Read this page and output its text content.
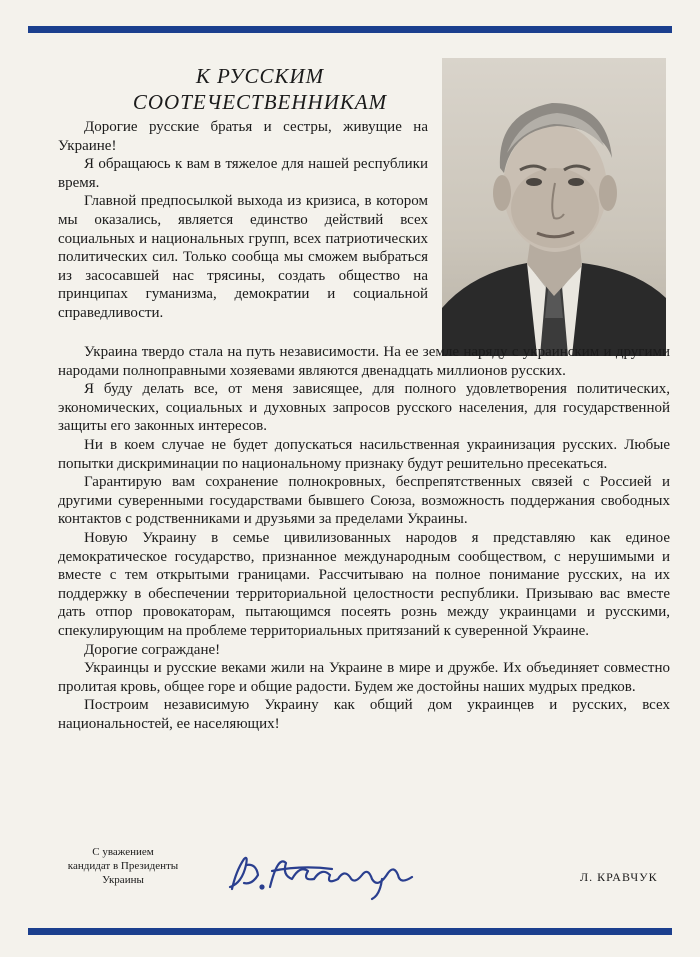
К РУССКИМ
СООТЕЧЕСТВЕННИКАМ

Дорогие русские братья и сестры, живущие на Украине!

Я обращаюсь к вам в тяжелое для нашей республики время.

Главной предпосылкой выхода из кризиса, в котором мы оказались, является единство действий всех социальных и национальных групп, всех патриотических политических сил. Только сообща мы сможем выбраться из засосавшей нас трясины, создать общество на принципах гуманизма, демократии и социальной справедливости.

Украина твердо стала на путь независимости. На ее земле наряду с украинским и другими народами полноправными хозяевами являются двенадцать миллионов русских.

Я буду делать все, от меня зависящее, для полного удовлетворения политических, экономических, социальных и духовных запросов русского населения, для государственной защиты его законных интересов.

Ни в коем случае не будет допускаться насильственная украинизация русских. Любые попытки дискриминации по национальному признаку будут решительно пресекаться.

Гарантирую вам сохранение полнокровных, беспрепятственных связей с Россией и другими суверенными государствами бывшего Союза, возможность поддержания свободных контактов с родственниками и друзьями за пределами Украины.

Новую Украину в семье цивилизованных народов я представляю как единое демократическое государство, признанное международным сообществом, с нерушимыми и вместе с тем открытыми границами. Рассчитываю на полное понимание русских, на их поддержку в обеспечении территориальной целостности республики. Призываю вас вместе дать отпор провокаторам, пытающимся посеять рознь между украинцами и русскими, спекулирующим на проблеме территориальных притязаний к суверенной Украине.

Дорогие сограждане!

Украинцы и русские веками жили на Украине в мире и дружбе. Их объединяет совместно пролитая кровь, общее горе и общие радости. Будем же достойны наших мудрых предков.

Построим независимую Украину как общий дом украинцев и русских, всех национальностей, ее населяющих!

С уважением
кандидат в Президенты
Украины	Л. КРАВЧУК
